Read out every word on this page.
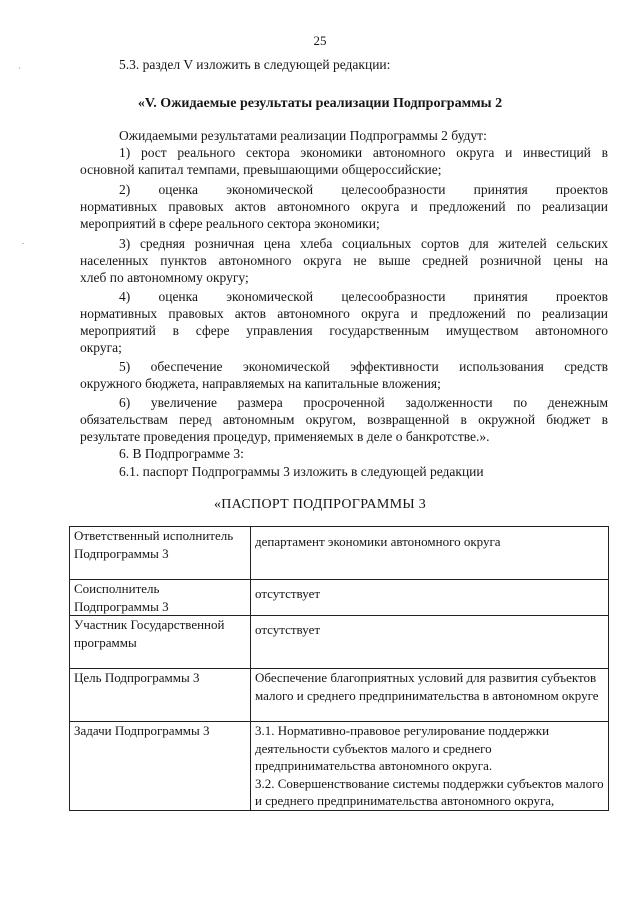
25
5.3. раздел V изложить в следующей редакции:
«V. Ожидаемые результаты реализации Подпрограммы 2
Ожидаемыми результатами реализации Подпрограммы 2 будут:
1) рост реального сектора экономики автономного округа и инвестиций в
основной капитал темпами, превышающими общероссийские;
2) оценка экономической целесообразности принятия проектов
нормативных правовых актов автономного округа и предложений по реализации
мероприятий в сфере реального сектора экономики;
3) средняя розничная цена хлеба социальных сортов для жителей сельских
населенных пунктов автономного округа не выше средней розничной цены на
хлеб по автономному округу;
4) оценка экономической целесообразности принятия проектов
нормативных правовых актов автономного округа и предложений по реализации
мероприятий в сфере управления государственным имуществом автономного
округа;
5) обеспечение экономической эффективности использования средств
окружного бюджета, направляемых на капитальные вложения;
6) увеличение размера просроченной задолженности по денежным
обязательствам перед автономным округом, возвращенной в окружной бюджет в
результате проведения процедур, применяемых в деле о банкротстве.».
6. В Подпрограмме 3:
6.1. паспорт Подпрограммы 3 изложить в следующей редакции
«ПАСПОРТ ПОДПРОГРАММЫ 3
Ответственный исполнитель Подпрограммы 3	департамент экономики автономного округа
Соисполнитель Подпрограммы 3	отсутствует
Участник Государственной программы	отсутствует
Цель Подпрограммы 3	Обеспечение благоприятных условий для развития субъектов малого и среднего предпринимательства в автономном округе
Задачи Подпрограммы 3	3.1. Нормативно-правовое регулирование поддержки деятельности субъектов малого и среднего предпринимательства автономного округа.
3.2. Совершенствование системы поддержки субъектов малого и среднего предпринимательства автономного округа,
`
.
